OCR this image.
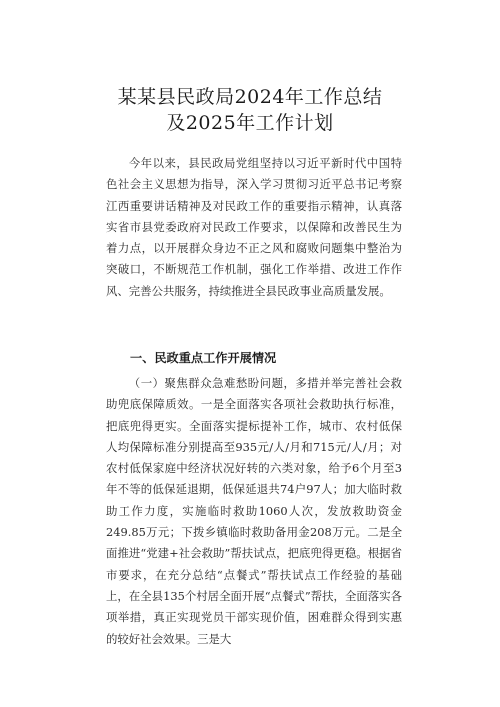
某某县民政局2024年工作总结
及2025年工作计划

今年以来，县民政局党组坚持以习近平新时代中国特色社会主义思想为指导，深入学习贯彻习近平总书记考察江西重要讲话精神及对民政工作的重要指示精神，认真落实省市县党委政府对民政工作要求，以保障和改善民生为着力点，以开展群众身边不正之风和腐败问题集中整治为突破口，不断规范工作机制，强化工作举措、改进工作作风、完善公共服务，持续推进全县民政事业高质量发展。

一、民政重点工作开展情况

（一）聚焦群众急难愁盼问题，多措并举完善社会救助兜底保障质效。一是全面落实各项社会救助执行标准，把底兜得更实。全面落实提标提补工作，城市、农村低保人均保障标准分别提高至935元/人/月和715元/人/月；对农村低保家庭中经济状况好转的六类对象，给予6个月至3年不等的低保延退期，低保延退共74户97人；加大临时救助工作力度，实施临时救助1060人次，发放救助资金249.85万元；下拨乡镇临时救助备用金208万元。二是全面推进“党建+社会救助”帮扶试点，把底兜得更稳。根据省市要求，在充分总结“点餐式”帮扶试点工作经验的基础上，在全县135个村居全面开展“点餐式”帮扶，全面落实各项举措，真正实现党员干部实现价值，困难群众得到实惠的较好社会效果。三是大
